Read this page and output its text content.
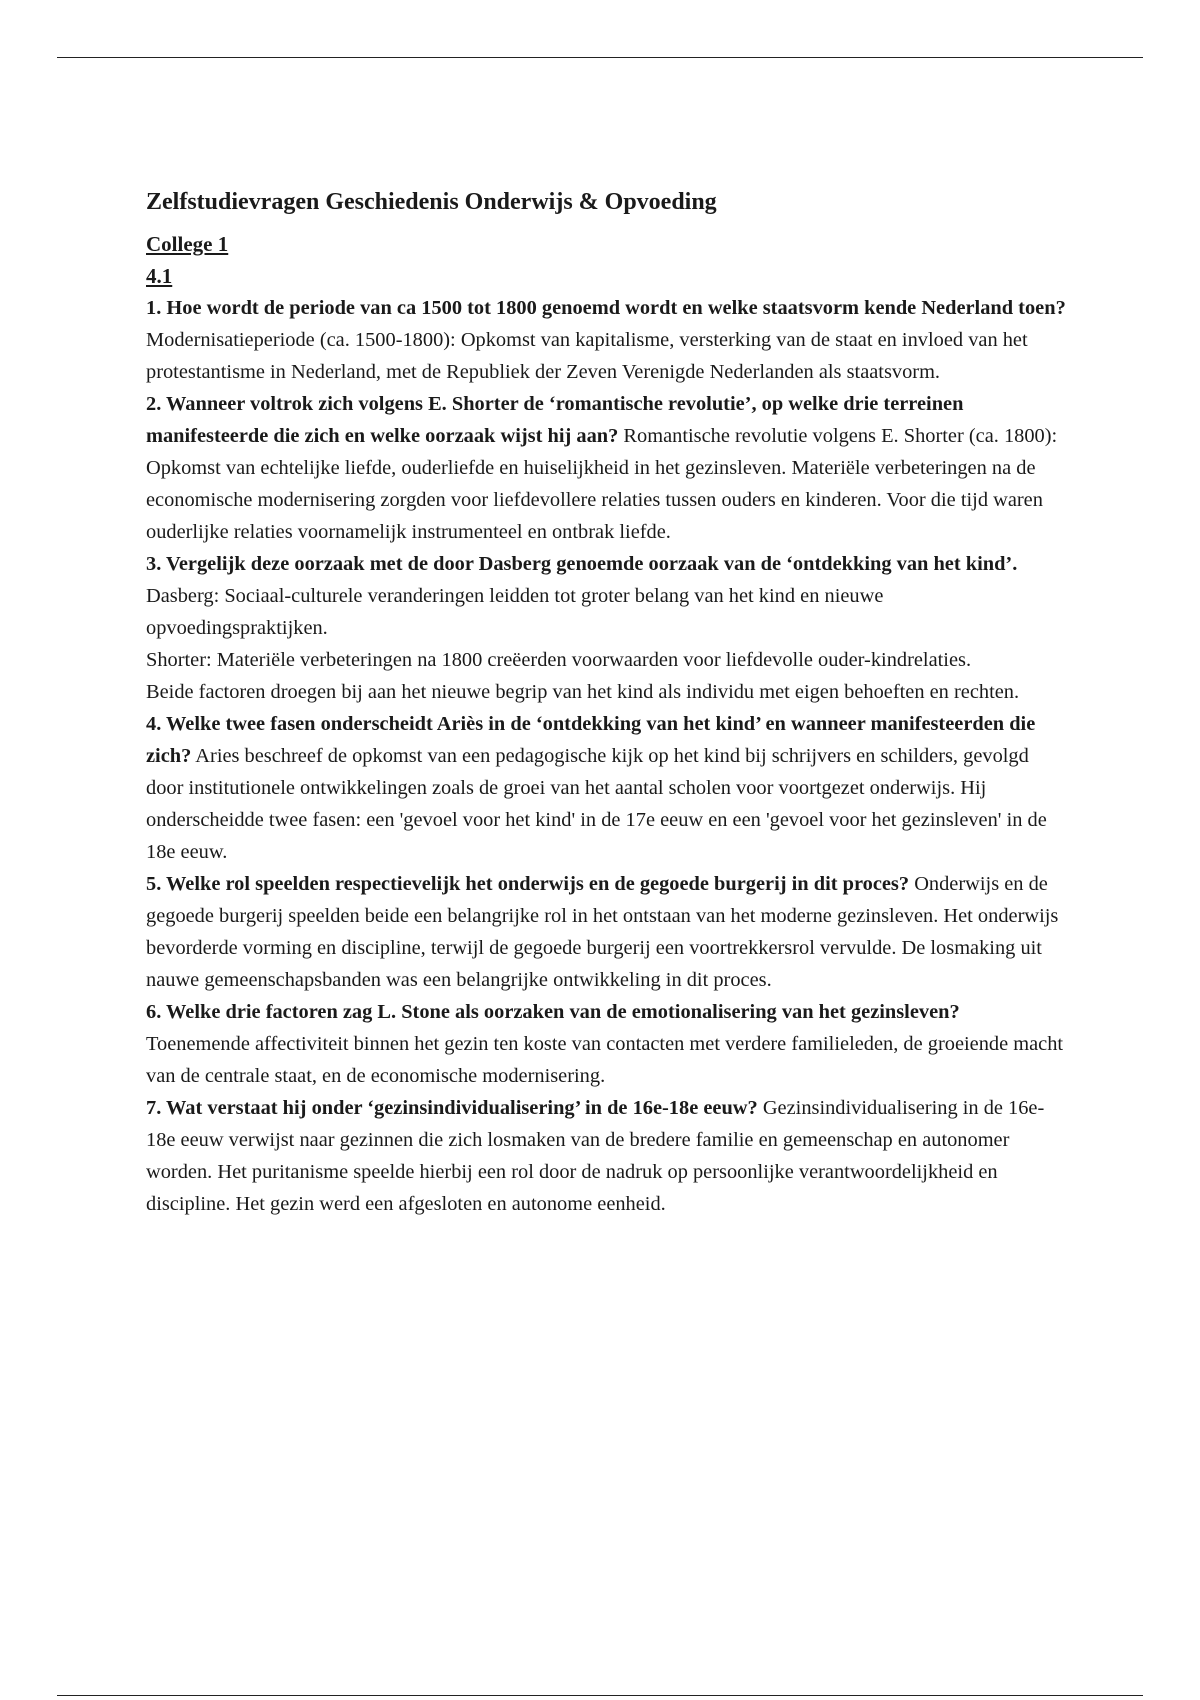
Zelfstudievragen Geschiedenis Onderwijs & Opvoeding
College 1
4.1

1. Hoe wordt de periode van ca 1500 tot 1800 genoemd wordt en welke staatsvorm kende Nederland toen? Modernisatieperiode (ca. 1500-1800): Opkomst van kapitalisme, versterking van de staat en invloed van het protestantisme in Nederland, met de Republiek der Zeven Verenigde Nederlanden als staatsvorm.

2. Wanneer voltrok zich volgens E. Shorter de ‘romantische revolutie’, op welke drie terreinen manifesteerde die zich en welke oorzaak wijst hij aan? Romantische revolutie volgens E. Shorter (ca. 1800): Opkomst van echtelijke liefde, ouderliefde en huiselijkheid in het gezinsleven. Materiële verbeteringen na de economische modernisering zorgden voor liefdevollere relaties tussen ouders en kinderen. Voor die tijd waren ouderlijke relaties voornamelijk instrumenteel en ontbrak liefde.

3. Vergelijk deze oorzaak met de door Dasberg genoemde oorzaak van de ‘ontdekking van het kind’. Dasberg: Sociaal-culturele veranderingen leidden tot groter belang van het kind en nieuwe opvoedingspraktijken.

Shorter: Materiële verbeteringen na 1800 creëerden voorwaarden voor liefdevolle ouder-kindrelaties.

Beide factoren droegen bij aan het nieuwe begrip van het kind als individu met eigen behoeften en rechten.

4. Welke twee fasen onderscheidt Ariès in de ‘ontdekking van het kind’ en wanneer manifesteerden die zich? Aries beschreef de opkomst van een pedagogische kijk op het kind bij schrijvers en schilders, gevolgd door institutionele ontwikkelingen zoals de groei van het aantal scholen voor voortgezet onderwijs. Hij onderscheidde twee fasen: een 'gevoel voor het kind' in de 17e eeuw en een 'gevoel voor het gezinsleven' in de 18e eeuw.

5. Welke rol speelden respectievelijk het onderwijs en de gegoede burgerij in dit proces? Onderwijs en de gegoede burgerij speelden beide een belangrijke rol in het ontstaan van het moderne gezinsleven. Het onderwijs bevorderde vorming en discipline, terwijl de gegoede burgerij een voortrekkersrol vervulde. De losmaking uit nauwe gemeenschapsbanden was een belangrijke ontwikkeling in dit proces.

6. Welke drie factoren zag L. Stone als oorzaken van de emotionalisering van het gezinsleven? Toenemende affectiviteit binnen het gezin ten koste van contacten met verdere familieleden, de groeiende macht van de centrale staat, en de economische modernisering.

7. Wat verstaat hij onder ‘gezinsindividualisering’ in de 16e-18e eeuw? Gezinsindividualisering in de 16e-18e eeuw verwijst naar gezinnen die zich losmaken van de bredere familie en gemeenschap en autonomer worden. Het puritanisme speelde hierbij een rol door de nadruk op persoonlijke verantwoordelijkheid en discipline. Het gezin werd een afgesloten en autonome eenheid.
